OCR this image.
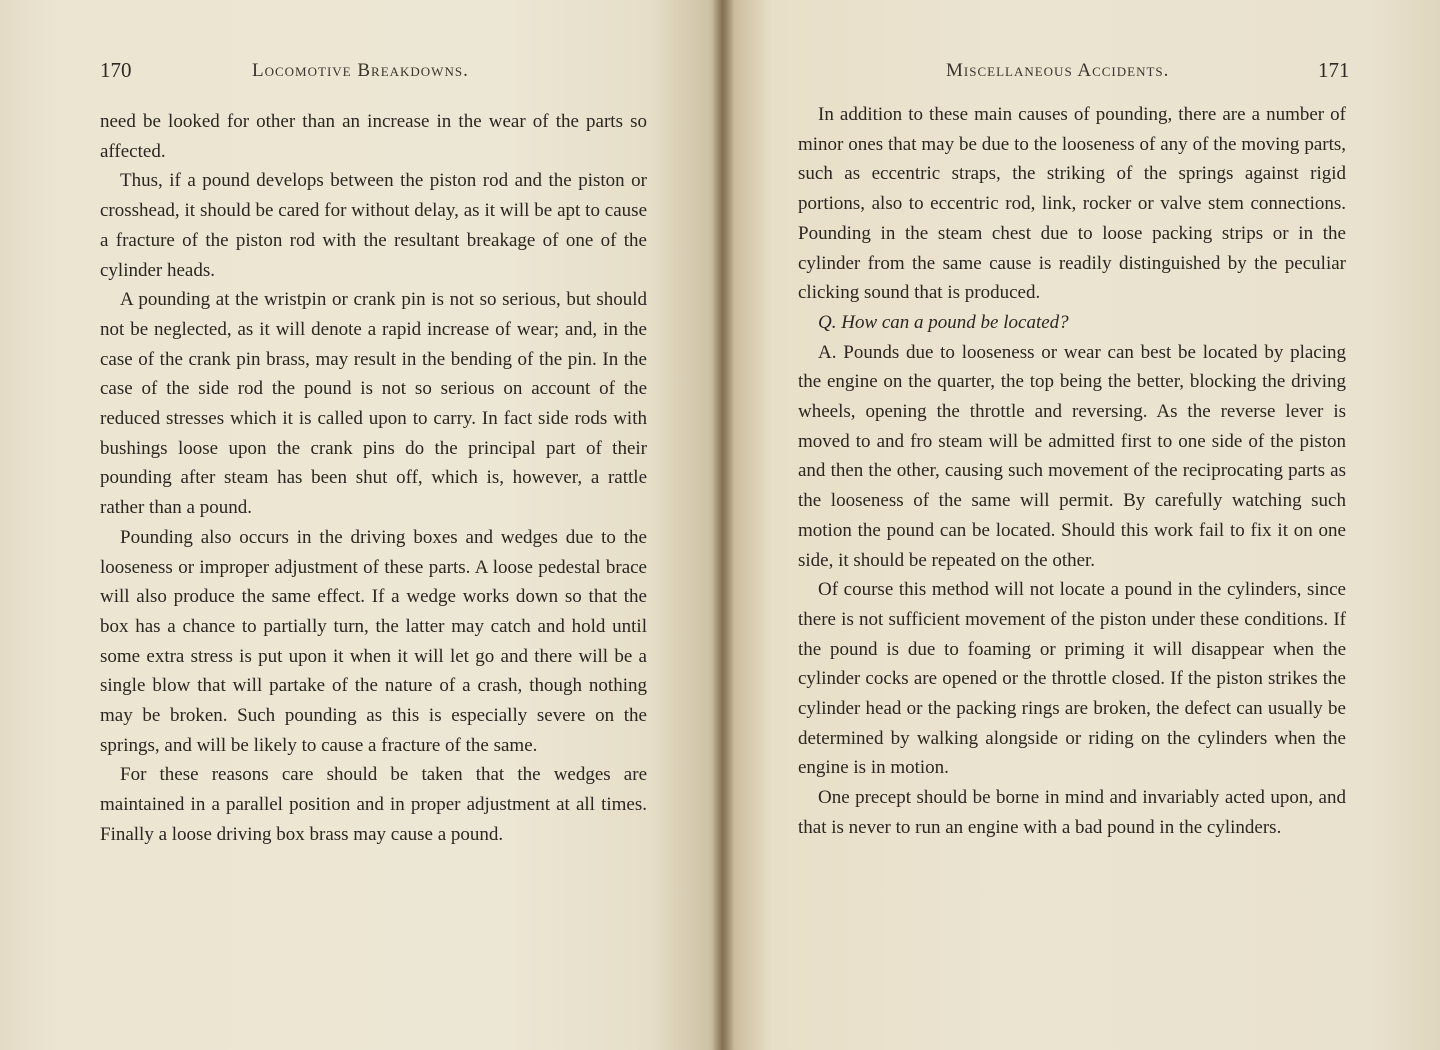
170	Locomotive Breakdowns.

need be looked for other than an increase in the wear of the parts so affected.

Thus, if a pound develops between the piston rod and the piston or crosshead, it should be cared for without delay, as it will be apt to cause a fracture of the piston rod with the resultant breakage of one of the cylinder heads.

A pounding at the wristpin or crank pin is not so serious, but should not be neglected, as it will denote a rapid increase of wear; and, in the case of the crank pin brass, may result in the bending of the pin. In the case of the side rod the pound is not so serious on account of the reduced stresses which it is called upon to carry. In fact side rods with bushings loose upon the crank pins do the principal part of their pounding after steam has been shut off, which is, however, a rattle rather than a pound.

Pounding also occurs in the driving boxes and wedges due to the looseness or improper adjustment of these parts. A loose pedestal brace will also produce the same effect. If a wedge works down so that the box has a chance to partially turn, the latter may catch and hold until some extra stress is put upon it when it will let go and there will be a single blow that will partake of the nature of a crash, though nothing may be broken. Such pounding as this is especially severe on the springs, and will be likely to cause a fracture of the same.

For these reasons care should be taken that the wedges are maintained in a parallel position and in proper adjustment at all times. Finally a loose driving box brass may cause a pound.

Miscellaneous Accidents.	171

In addition to these main causes of pounding, there are a number of minor ones that may be due to the looseness of any of the moving parts, such as eccentric straps, the striking of the springs against rigid portions, also to eccentric rod, link, rocker or valve stem connections. Pounding in the steam chest due to loose packing strips or in the cylinder from the same cause is readily distinguished by the peculiar clicking sound that is produced.

Q. How can a pound be located?

A. Pounds due to looseness or wear can best be located by placing the engine on the quarter, the top being the better, blocking the driving wheels, opening the throttle and reversing. As the reverse lever is moved to and fro steam will be admitted first to one side of the piston and then the other, causing such movement of the reciprocating parts as the looseness of the same will permit. By carefully watching such motion the pound can be located. Should this work fail to fix it on one side, it should be repeated on the other.

Of course this method will not locate a pound in the cylinders, since there is not sufficient movement of the piston under these conditions. If the pound is due to foaming or priming it will disappear when the cylinder cocks are opened or the throttle closed. If the piston strikes the cylinder head or the packing rings are broken, the defect can usually be determined by walking alongside or riding on the cylinders when the engine is in motion.

One precept should be borne in mind and invariably acted upon, and that is never to run an engine with a bad pound in the cylinders.
